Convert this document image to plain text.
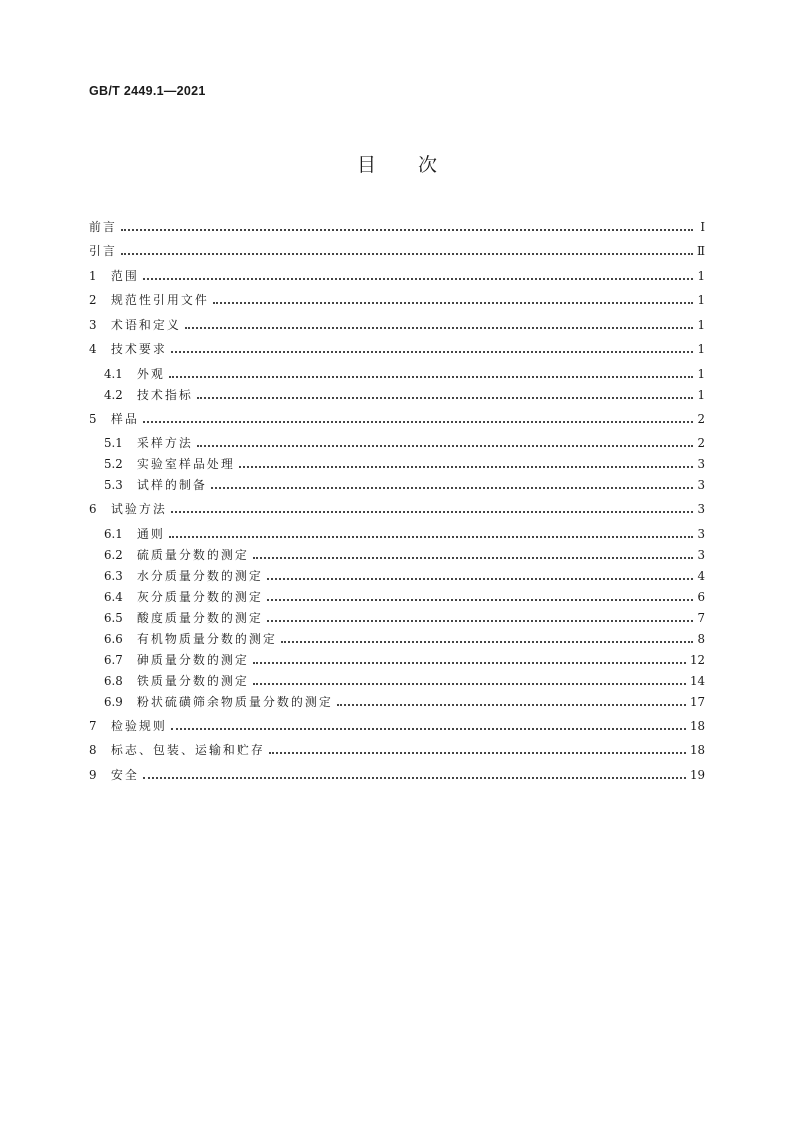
GB/T 2449.1—2021
目 次
前言	Ⅰ
引言	Ⅱ
1	范围	1
2	规范性引用文件	1
3	术语和定义	1
4	技术要求	1
4.1	外观	1
4.2	技术指标	1
5	样品	2
5.1	采样方法	2
5.2	实验室样品处理	3
5.3	试样的制备	3
6	试验方法	3
6.1	通则	3
6.2	硫质量分数的测定	3
6.3	水分质量分数的测定	4
6.4	灰分质量分数的测定	6
6.5	酸度质量分数的测定	7
6.6	有机物质量分数的测定	8
6.7	砷质量分数的测定	12
6.8	铁质量分数的测定	14
6.9	粉状硫磺筛余物质量分数的测定	17
7	检验规则	18
8	标志、包装、运输和贮存	18
9	安全	19
